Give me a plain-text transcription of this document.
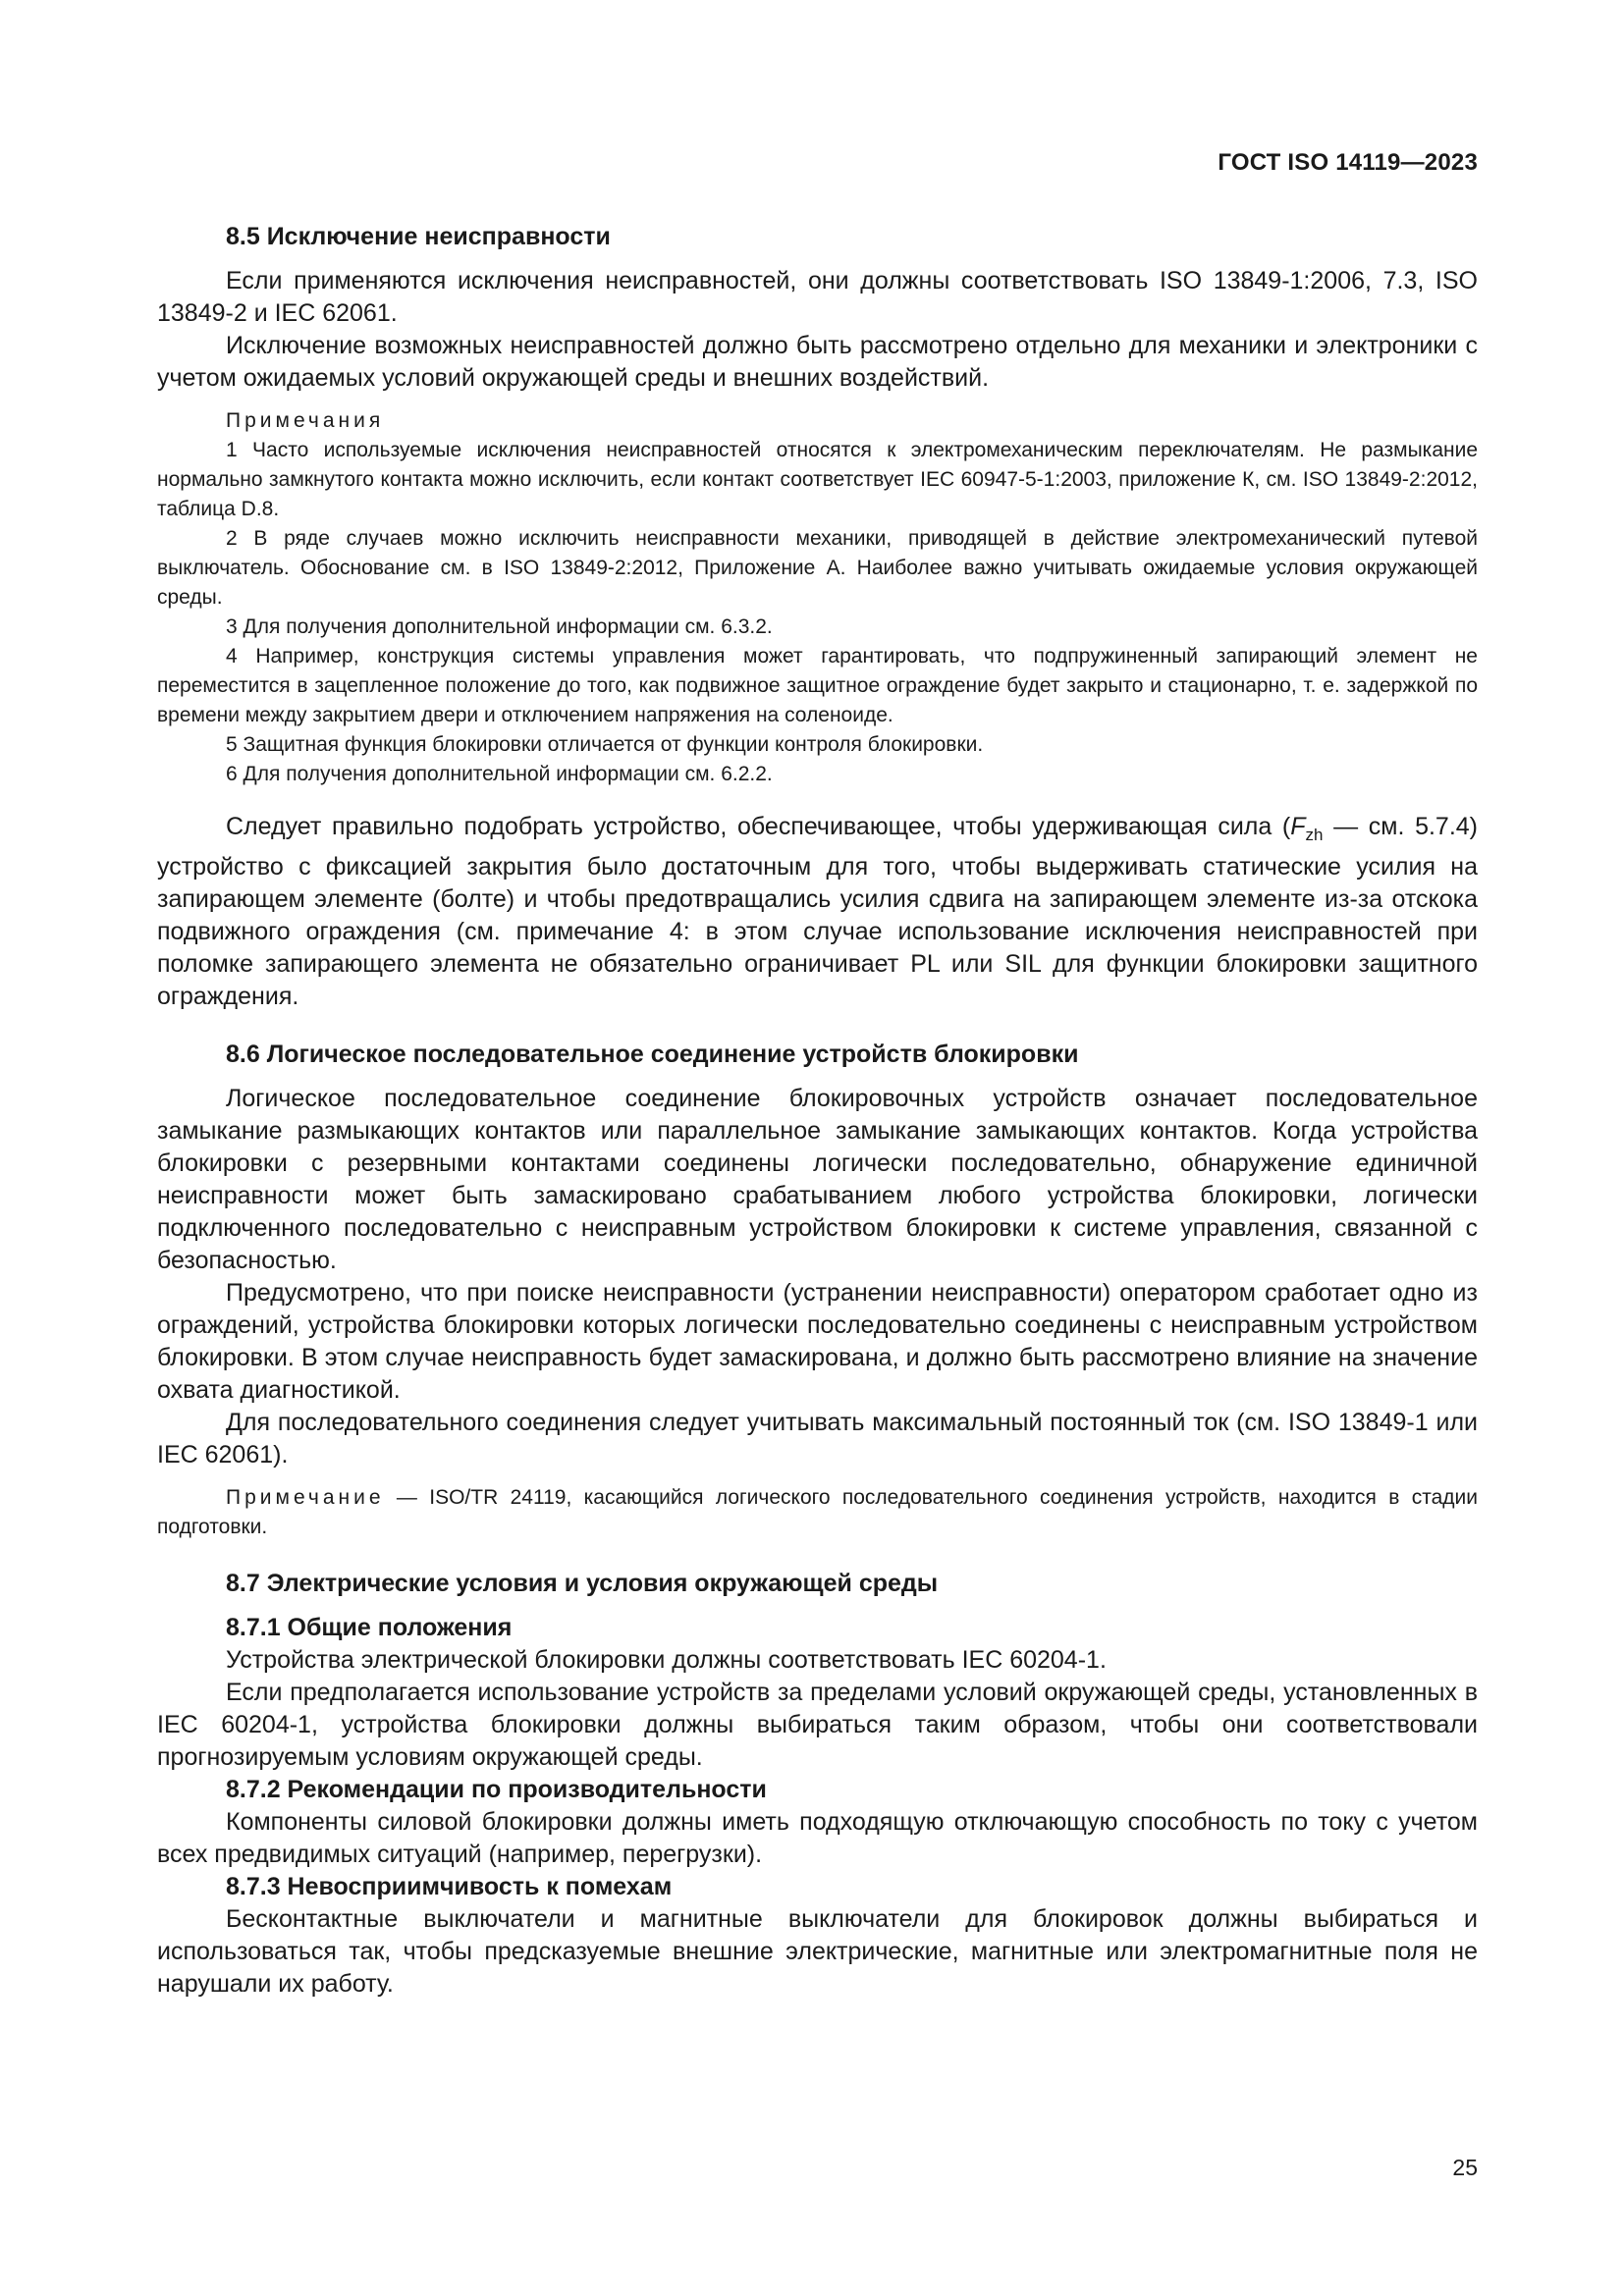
ГОСТ ISO 14119—2023

8.5 Исключение неисправности

Если применяются исключения неисправностей, они должны соответствовать ISO 13849-1:2006, 7.3, ISO 13849-2 и IEC 62061.

Исключение возможных неисправностей должно быть рассмотрено отдельно для механики и электроники с учетом ожидаемых условий окружающей среды и внешних воздействий.

Примечания

1 Часто используемые исключения неисправностей относятся к электромеханическим переключателям. Не размыкание нормально замкнутого контакта можно исключить, если контакт соответствует IEC 60947-5-1:2003, приложение К, см. ISO 13849-2:2012, таблица D.8.

2 В ряде случаев можно исключить неисправности механики, приводящей в действие электромеханический путевой выключатель. Обоснование см. в ISO 13849-2:2012, Приложение А. Наиболее важно учитывать ожидаемые условия окружающей среды.

3 Для получения дополнительной информации см. 6.3.2.

4 Например, конструкция системы управления может гарантировать, что подпружиненный запирающий элемент не переместится в зацепленное положение до того, как подвижное защитное ограждение будет закрыто и стационарно, т. е. задержкой по времени между закрытием двери и отключением напряжения на соленоиде.

5 Защитная функция блокировки отличается от функции контроля блокировки.

6 Для получения дополнительной информации см. 6.2.2.

Следует правильно подобрать устройство, обеспечивающее, чтобы удерживающая сила ($F_{zh}$ — см. 5.7.4) устройство с фиксацией закрытия было достаточным для того, чтобы выдерживать статические усилия на запирающем элементе (болте) и чтобы предотвращались усилия сдвига на запирающем элементе из-за отскока подвижного ограждения (см. примечание 4: в этом случае использование исключения неисправностей при поломке запирающего элемента не обязательно ограничивает PL или SIL для функции блокировки защитного ограждения.

8.6 Логическое последовательное соединение устройств блокировки

Логическое последовательное соединение блокировочных устройств означает последовательное замыкание размыкающих контактов или параллельное замыкание замыкающих контактов. Когда устройства блокировки с резервными контактами соединены логически последовательно, обнаружение единичной неисправности может быть замаскировано срабатыванием любого устройства блокировки, логически подключенного последовательно с неисправным устройством блокировки к системе управления, связанной с безопасностью.

Предусмотрено, что при поиске неисправности (устранении неисправности) оператором сработает одно из ограждений, устройства блокировки которых логически последовательно соединены с неисправным устройством блокировки. В этом случае неисправность будет замаскирована, и должно быть рассмотрено влияние на значение охвата диагностикой.

Для последовательного соединения следует учитывать максимальный постоянный ток (см. ISO 13849-1 или IEC 62061).

Примечание — ISO/TR 24119, касающийся логического последовательного соединения устройств, находится в стадии подготовки.

8.7 Электрические условия и условия окружающей среды

8.7.1 Общие положения

Устройства электрической блокировки должны соответствовать IEC 60204-1.

Если предполагается использование устройств за пределами условий окружающей среды, установленных в IEC 60204-1, устройства блокировки должны выбираться таким образом, чтобы они соответствовали прогнозируемым условиям окружающей среды.

8.7.2 Рекомендации по производительности

Компоненты силовой блокировки должны иметь подходящую отключающую способность по току с учетом всех предвидимых ситуаций (например, перегрузки).

8.7.3 Невосприимчивость к помехам

Бесконтактные выключатели и магнитные выключатели для блокировок должны выбираться и использоваться так, чтобы предсказуемые внешние электрические, магнитные или электромагнитные поля не нарушали их работу.

25
